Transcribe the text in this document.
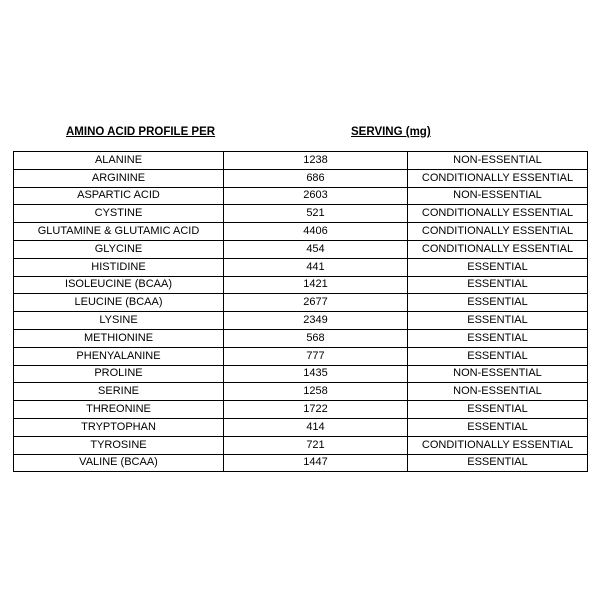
AMINO ACID PROFILE PER	SERVING (mg)
ALANINE	1238	NON-ESSENTIAL
ARGININE	686	CONDITIONALLY ESSENTIAL
ASPARTIC ACID	2603	NON-ESSENTIAL
CYSTINE	521	CONDITIONALLY ESSENTIAL
GLUTAMINE & GLUTAMIC ACID	4406	CONDITIONALLY ESSENTIAL
GLYCINE	454	CONDITIONALLY ESSENTIAL
HISTIDINE	441	ESSENTIAL
ISOLEUCINE (BCAA)	1421	ESSENTIAL
LEUCINE (BCAA)	2677	ESSENTIAL
LYSINE	2349	ESSENTIAL
METHIONINE	568	ESSENTIAL
PHENYALANINE	777	ESSENTIAL
PROLINE	1435	NON-ESSENTIAL
SERINE	1258	NON-ESSENTIAL
THREONINE	1722	ESSENTIAL
TRYPTOPHAN	414	ESSENTIAL
TYROSINE	721	CONDITIONALLY ESSENTIAL
VALINE (BCAA)	1447	ESSENTIAL
